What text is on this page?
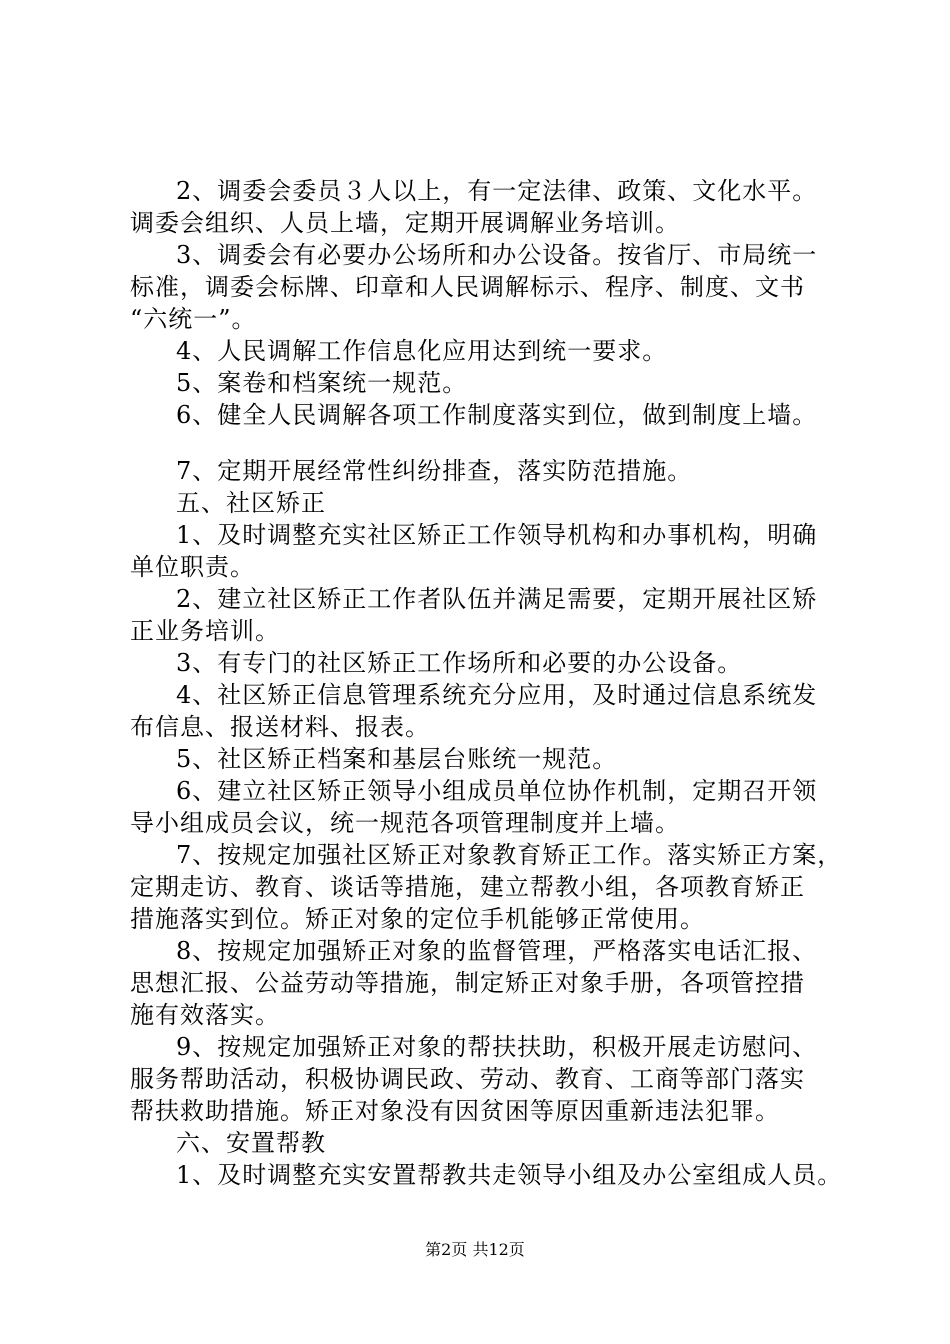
2、调委会委员３人以上，有一定法律、政策、文化水平。
调委会组织、人员上墙，定期开展调解业务培训。
3、调委会有必要办公场所和办公设备。按省厅、市局统一
标准，调委会标牌、印章和人民调解标示、程序、制度、文书
“六统一”。
4、人民调解工作信息化应用达到统一要求。
5、案卷和档案统一规范。
6、健全人民调解各项工作制度落实到位，做到制度上墙。
7、定期开展经常性纠纷排查，落实防范措施。
五、社区矫正
1、及时调整充实社区矫正工作领导机构和办事机构，明确
单位职责。
2、建立社区矫正工作者队伍并满足需要，定期开展社区矫
正业务培训。
3、有专门的社区矫正工作场所和必要的办公设备。
4、社区矫正信息管理系统充分应用，及时通过信息系统发
布信息、报送材料、报表。
5、社区矫正档案和基层台账统一规范。
6、建立社区矫正领导小组成员单位协作机制，定期召开领
导小组成员会议，统一规范各项管理制度并上墙。
7、按规定加强社区矫正对象教育矫正工作。落实矫正方案，
定期走访、教育、谈话等措施，建立帮教小组，各项教育矫正
措施落实到位。矫正对象的定位手机能够正常使用。
8、按规定加强矫正对象的监督管理，严格落实电话汇报、
思想汇报、公益劳动等措施，制定矫正对象手册，各项管控措
施有效落实。
9、按规定加强矫正对象的帮扶扶助，积极开展走访慰问、
服务帮助活动，积极协调民政、劳动、教育、工商等部门落实
帮扶救助措施。矫正对象没有因贫困等原因重新违法犯罪。
六、安置帮教
1、及时调整充实安置帮教共走领导小组及办公室组成人员。
第2页 共12页
